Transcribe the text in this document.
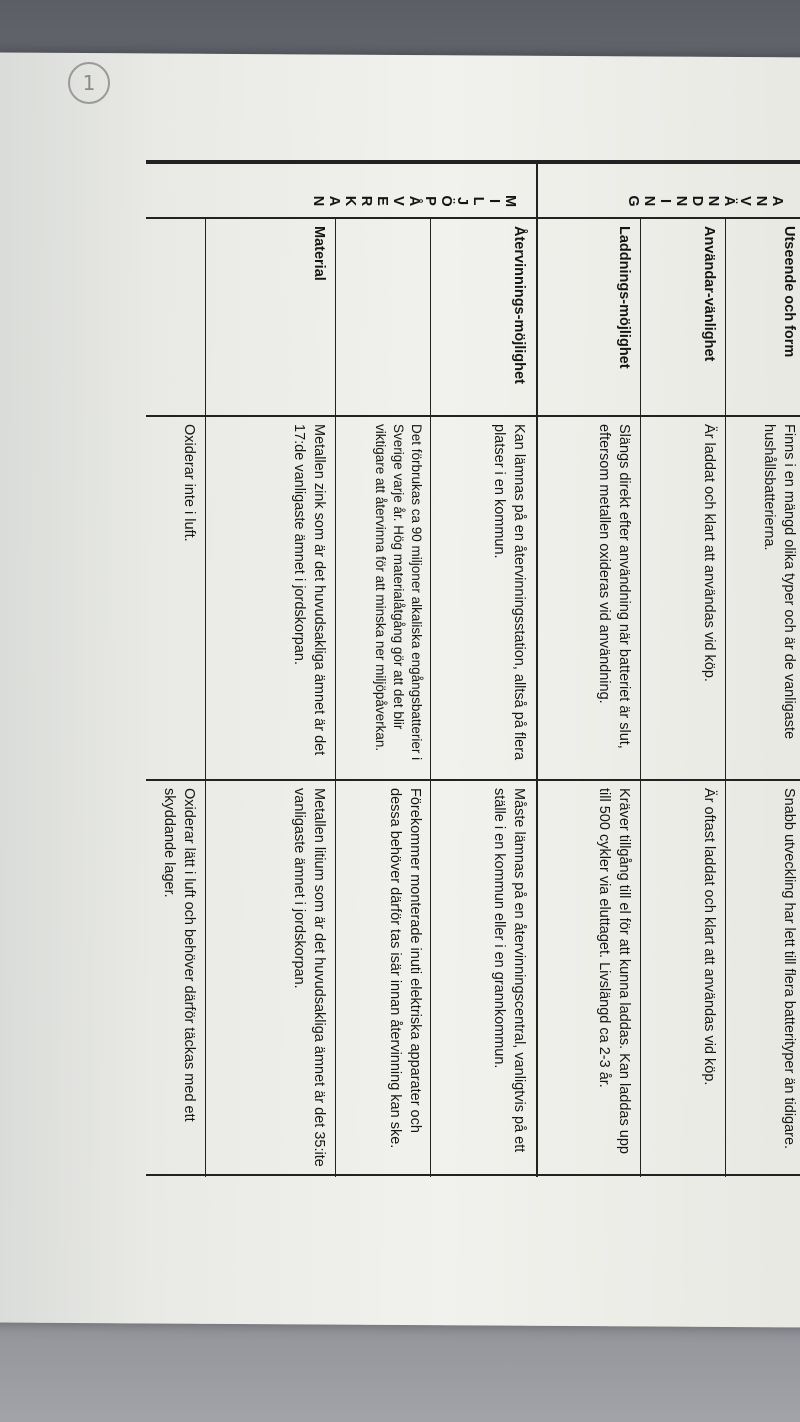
1
ANVÄNDNING
Utseende och form
Finns i en mängd olika typer och är de vanligaste hushållsbatterierna.
Snabb utveckling har lett till flera batterityper än tidigare.
Användar-vänlighet
Är laddat och klart att användas vid köp.
Är oftast laddat och klart att användas vid köp.
Laddnings-möjlighet
Slängs direkt efter användning när batteriet är slut, eftersom metallen oxideras vid användning.
Kräver tillgång till el för att kunna laddas. Kan laddas upp till 500 cykler via eluttaget. Livslängd ca 2-3 år.
MILJÖPÅVERKAN
Återvinnings-möjlighet
Kan lämnas på en återvinningsstation, alltså på flera platser i en kommun.
Måste lämnas på en återvinningscentral, vanligtvis på ett ställe i en kommun eller i en grannkommun.
Det förbrukas ca 90 miljoner alkaliska engångsbatterier i Sverige varje år. Hög materialåtgång gör att det blir viktigare att återvinna för att minska ner miljöpåverkan.
Förekommer monterade inuti elektriska apparater och dessa behöver därför tas isär innan återvinning kan ske.
Material
Metallen zink som är det huvudsakliga ämnet är det 17:de vanligaste ämnet i jordskorpan.
Metallen litium som är det huvudsakliga ämnet är det 35:ite vanligaste ämnet i jordskorpan.
Oxiderar inte i luft.
Oxiderar lätt i luft och behöver därför täckas med ett skyddande lager.
